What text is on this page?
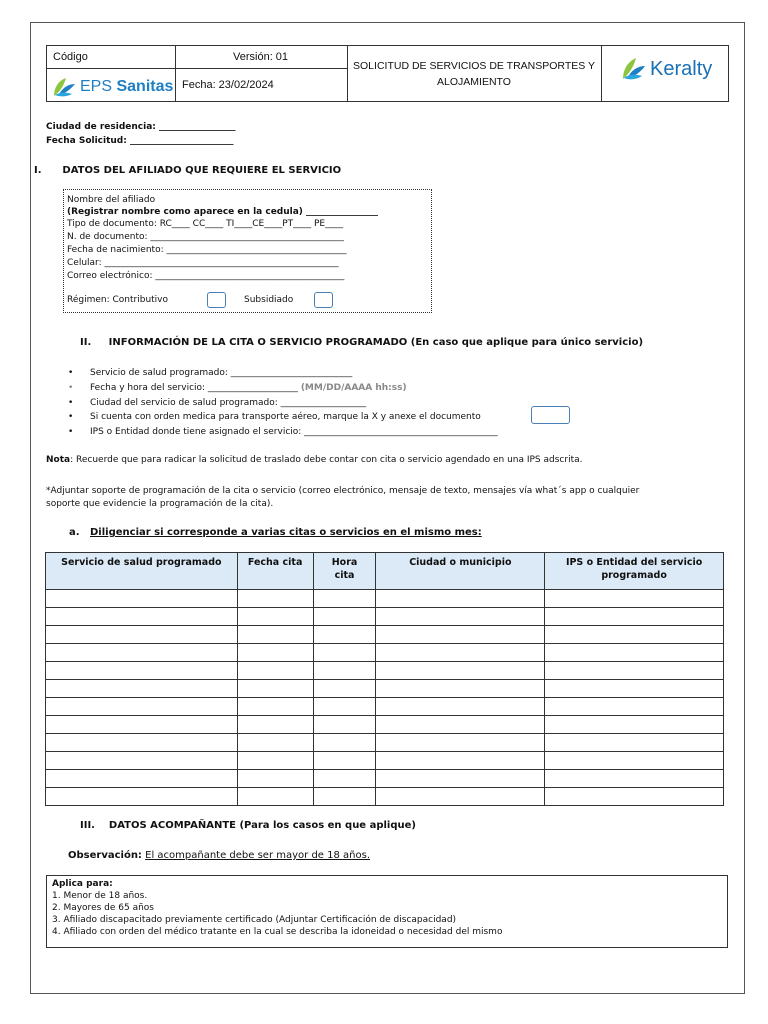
Código	Versión: 01
Fecha: 23/02/2024
SOLICITUD DE SERVICIOS DE TRANSPORTES Y
ALOJAMIENTO
EPS Sanitas
Keralty
Ciudad de residencia: _________________
Fecha Solicitud: _______________________
I.      DATOS DEL AFILIADO QUE REQUIERE EL SERVICIO
Nombre del afiliado
(Registrar nombre como aparece en la cedula) ________________
Tipo de documento: RC____ CC____ TI____CE____PT____ PE____
N. de documento: ___________________________________________
Fecha de nacimiento: ________________________________________
Celular: ____________________________________________________
Correo electrónico: __________________________________________
Régimen: Contributivo	Subsidiado
II.     INFORMACIÓN DE LA CITA O SERVICIO PROGRAMADO (En caso que aplique para único servicio)
• Servicio de salud programado: ___________________________
• Fecha y hora del servicio: ____________________ (MM/DD/AAAA hh:ss)
• Ciudad del servicio de salud programado: ___________________
• Si cuenta con orden medica para transporte aéreo, marque la X y anexe el documento
• IPS o Entidad donde tiene asignado el servicio: ___________________________________________
Nota: Recuerde que para radicar la solicitud de traslado debe contar con cita o servicio agendado en una IPS adscrita.
*Adjuntar soporte de programación de la cita o servicio (correo electrónico, mensaje de texto, mensajes vía what´s app o cualquier
soporte que evidencie la programación de la cita).
a. Diligenciar si corresponde a varias citas o servicios en el mismo mes:
Servicio de salud programado	Fecha cita	Hora cita	Ciudad o municipio	IPS o Entidad del servicio programado

III.    DATOS ACOMPAÑANTE (Para los casos en que aplique)
Observación: El acompañante debe ser mayor de 18 años.
Aplica para:
1. Menor de 18 años.
2. Mayores de 65 años
3. Afiliado discapacitado previamente certificado (Adjuntar Certificación de discapacidad)
4. Afiliado con orden del médico tratante en la cual se describa la idoneidad o necesidad del mismo
